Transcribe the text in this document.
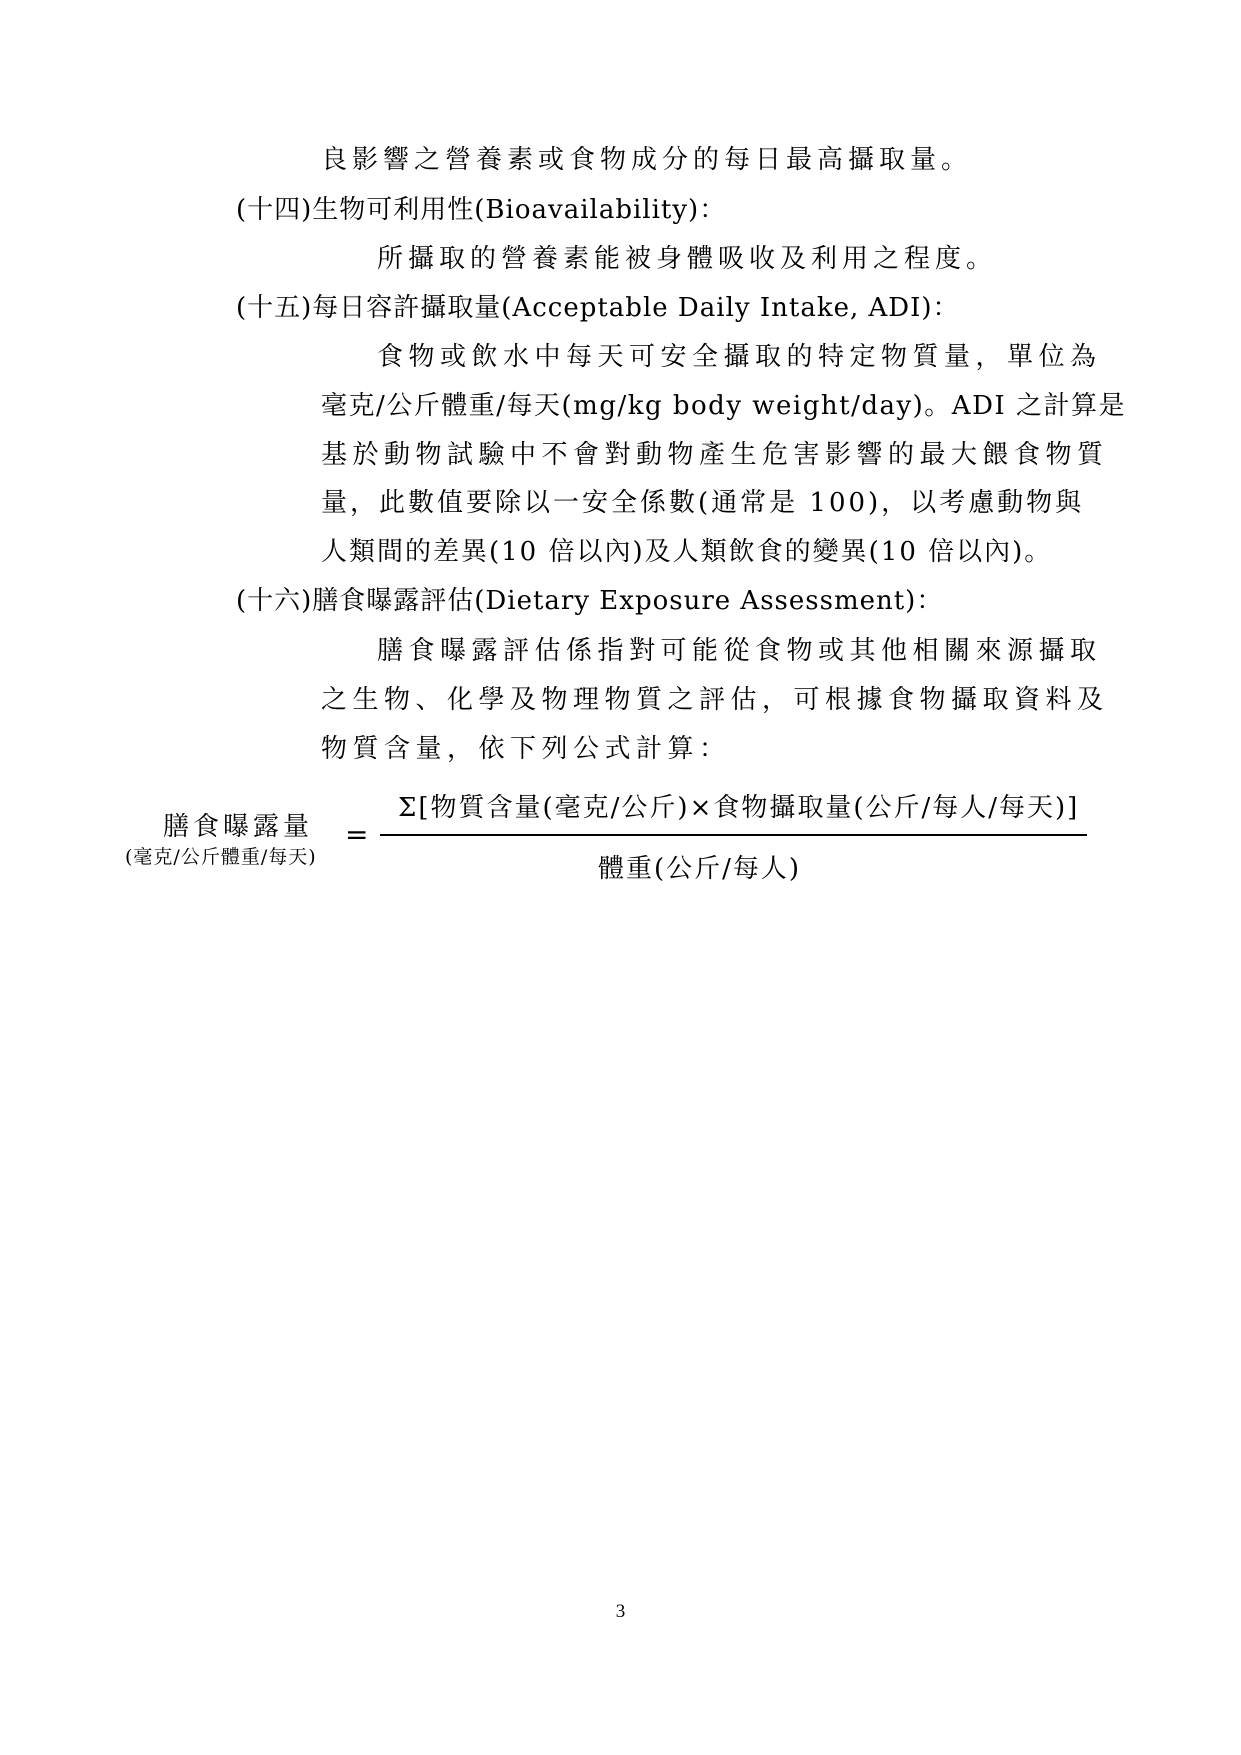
良影響之營養素或食物成分的每日最高攝取量。
(十四)生物可利用性(Bioavailability)：
所攝取的營養素能被身體吸收及利用之程度。
(十五)每日容許攝取量(Acceptable Daily Intake, ADI)：
食物或飲水中每天可安全攝取的特定物質量，單位為
毫克/公斤體重/每天(mg/kg body weight/day)。ADI 之計算是
基於動物試驗中不會對動物產生危害影響的最大餵食物質
量，此數值要除以一安全係數(通常是 100)，以考慮動物與
人類間的差異(10 倍以內)及人類飲食的變異(10 倍以內)。
(十六)膳食曝露評估(Dietary Exposure Assessment)：
膳食曝露評估係指對可能從食物或其他相關來源攝取
之生物、化學及物理物質之評估，可根據食物攝取資料及
物質含量，依下列公式計算：
膳食曝露量
(毫克/公斤體重/每天)
=
Σ[物質含量(毫克/公斤)×食物攝取量(公斤/每人/每天)]
體重(公斤/每人)
3
